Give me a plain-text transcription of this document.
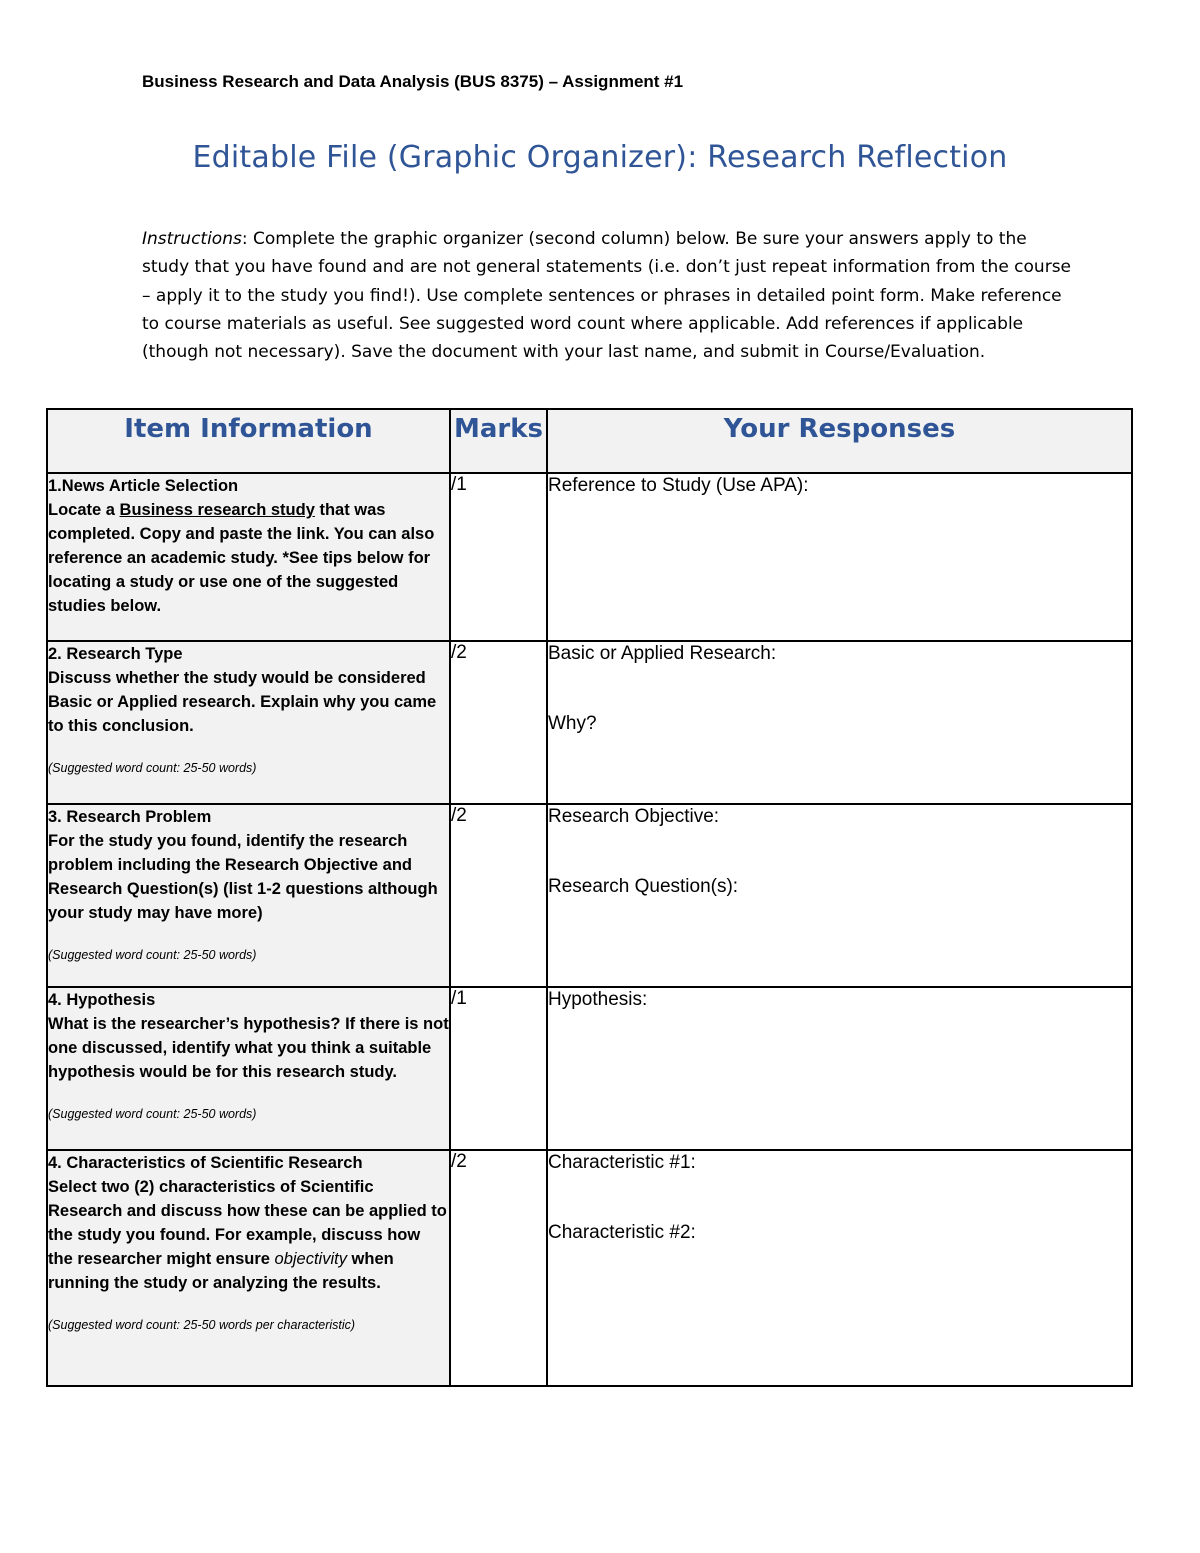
Business Research and Data Analysis (BUS 8375) – Assignment #1
Editable File (Graphic Organizer): Research Reflection
Instructions: Complete the graphic organizer (second column) below. Be sure your answers apply to the study that you have found and are not general statements (i.e. don’t just repeat information from the course – apply it to the study you find!). Use complete sentences or phrases in detailed point form. Make reference to course materials as useful. See suggested word count where applicable. Add references if applicable (though not necessary). Save the document with your last name, and submit in Course/Evaluation.
Item Information	Marks	Your Responses

1.News Article Selection
Locate a Business research study that was completed. Copy and paste the link. You can also reference an academic study. *See tips below for locating a study or use one of the suggested studies below.	/1	Reference to Study (Use APA):

2. Research Type
Discuss whether the study would be considered Basic or Applied research. Explain why you came to this conclusion.
(Suggested word count: 25-50 words)	/2	Basic or Applied Research:
Why?

3. Research Problem
For the study you found, identify the research problem including the Research Objective and Research Question(s) (list 1-2 questions although your study may have more)
(Suggested word count: 25-50 words)	/2	Research Objective:
Research Question(s):

4. Hypothesis
What is the researcher’s hypothesis? If there is not one discussed, identify what you think a suitable hypothesis would be for this research study.
(Suggested word count: 25-50 words)	/1	Hypothesis:

4. Characteristics of Scientific Research
Select two (2) characteristics of Scientific Research and discuss how these can be applied to the study you found. For example, discuss how the researcher might ensure objectivity when running the study or analyzing the results.
(Suggested word count: 25-50 words per characteristic)	/2	Characteristic #1:
Characteristic #2:
